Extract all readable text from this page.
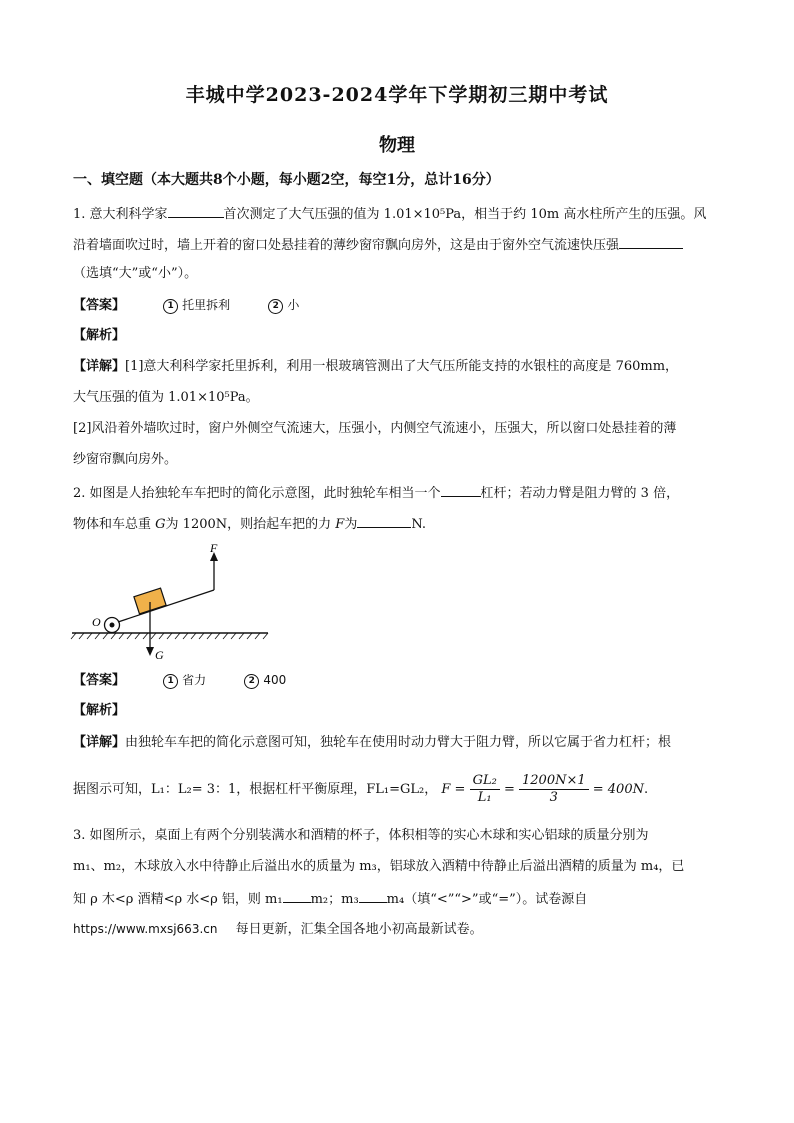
丰城中学2023-2024学年下学期初三期中考试
物理
一、填空题（本大题共8个小题，每小题2空，每空1分，总计16分）
1. 意大利科学家	首次测定了大气压强的值为 1.01×10⁵Pa，相当于约 10m 高水柱所产生的压强。风
沿着墙面吹过时，墙上开着的窗口处悬挂着的薄纱窗帘飘向房外，这是由于窗外空气流速快压强
（选填“大”或“小”）。
【答案】	1 托里拆利	2 小
【解析】
【详解】[1]意大利科学家托里拆利，利用一根玻璃管测出了大气压所能支持的水银柱的高度是 760mm，
大气压强的值为 1.01×10⁵Pa。
[2]风沿着外墙吹过时，窗户外侧空气流速大，压强小，内侧空气流速小，压强大，所以窗口处悬挂着的薄
纱窗帘飘向房外。
2. 如图是人抬独轮车车把时的简化示意图，此时独轮车相当一个	杠杆；若动力臂是阻力臂的 3 倍，
物体和车总重 G为 1200N，则抬起车把的力 F为	N.
F
O
G
【答案】	1 省力	2 400
【解析】
【详解】由独轮车车把的简化示意图可知，独轮车在使用时动力臂大于阻力臂，所以它属于省力杠杆；根
据图示可知，L₁：L₂= 3：1，根据杠杆平衡原理，FL₁=GL₂， $F = \frac{\text{GL₂}}{\text{L₁}} = \frac{1200N\times 1}{3} = 400N$.
3. 如图所示，桌面上有两个分别装满水和酒精的杯子，体积相等的实心木球和实心铝球的质量分别为
m₁、m₂，木球放入水中待静止后溢出水的质量为 m₃，铝球放入酒精中待静止后溢出酒精的质量为 m₄，已
知 ρ 木<ρ 酒精<ρ 水<ρ 铝，则 m₁ m₂；m₃ m₄（填“<”“>”或“=”）。试卷源自
https://www.mxsj663.cn 每日更新，汇集全国各地小初高最新试卷。
